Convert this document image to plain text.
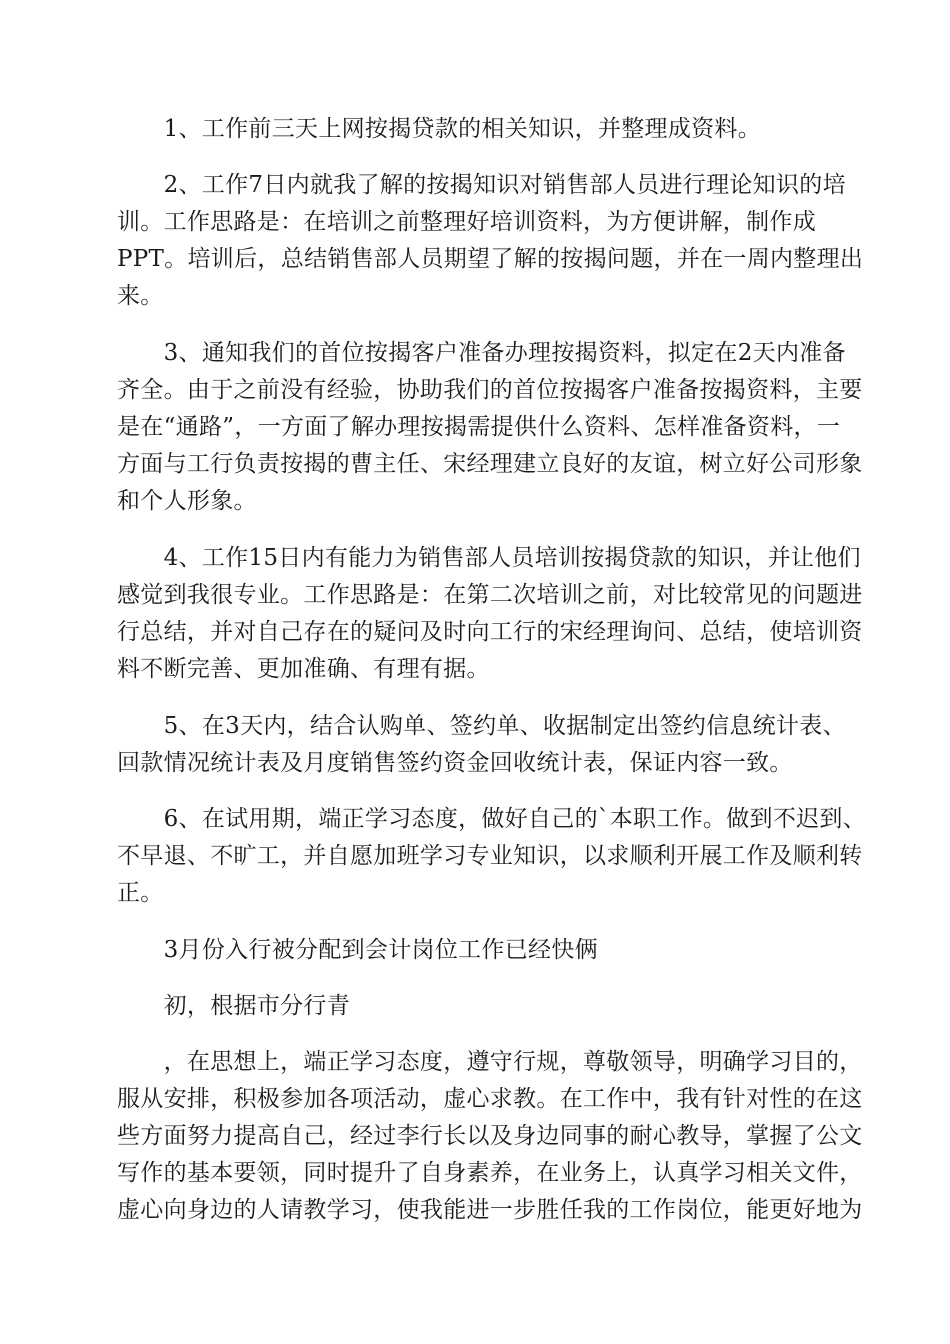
　　1、工作前三天上网按揭贷款的相关知识，并整理成资料。
　　2、工作7日内就我了解的按揭知识对销售部人员进行理论知识的培
训。工作思路是：在培训之前整理好培训资料，为方便讲解，制作成
PPT。培训后，总结销售部人员期望了解的按揭问题，并在一周内整理出
来。
　　3、通知我们的首位按揭客户准备办理按揭资料，拟定在2天内准备
齐全。由于之前没有经验，协助我们的首位按揭客户准备按揭资料，主要
是在“通路”，一方面了解办理按揭需提供什么资料、怎样准备资料，一
方面与工行负责按揭的曹主任、宋经理建立良好的友谊，树立好公司形象
和个人形象。
　　4、工作15日内有能力为销售部人员培训按揭贷款的知识，并让他们
感觉到我很专业。工作思路是：在第二次培训之前，对比较常见的问题进
行总结，并对自己存在的疑问及时向工行的宋经理询问、总结，使培训资
料不断完善、更加准确、有理有据。
　　5、在3天内，结合认购单、签约单、收据制定出签约信息统计表、
回款情况统计表及月度销售签约资金回收统计表，保证内容一致。
　　6、在试用期，端正学习态度，做好自己的`本职工作。做到不迟到、
不早退、不旷工，并自愿加班学习专业知识，以求顺利开展工作及顺利转
正。
　　3月份入行被分配到会计岗位工作已经快俩
　　初，根据市分行青
　　，在思想上，端正学习态度，遵守行规，尊敬领导，明确学习目的，
服从安排，积极参加各项活动，虚心求教。在工作中，我有针对性的在这
些方面努力提高自己，经过李行长以及身边同事的耐心教导，掌握了公文
写作的基本要领，同时提升了自身素养，在业务上，认真学习相关文件，
虚心向身边的人请教学习，使我能进一步胜任我的工作岗位，能更好地为
